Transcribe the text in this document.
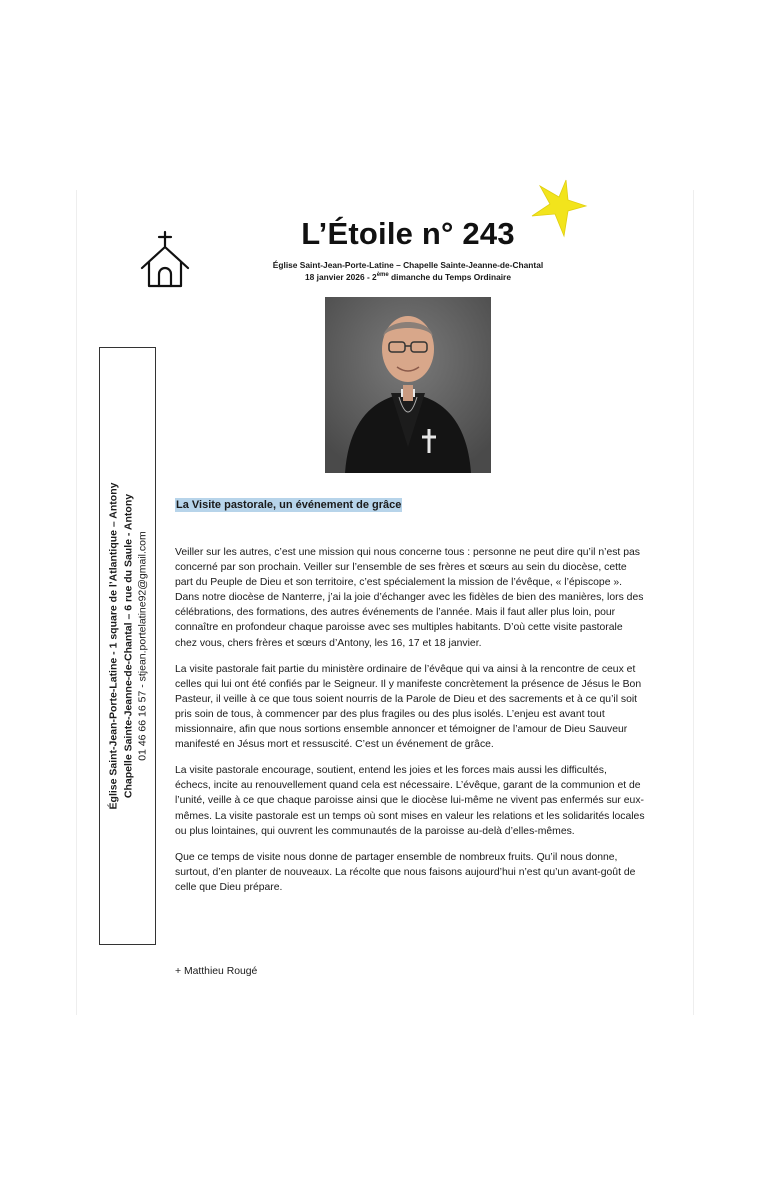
L’Étoile n° 243
Église Saint-Jean-Porte-Latine – Chapelle Sainte-Jeanne-de-Chantal
18 janvier 2026 - 2ème dimanche du Temps Ordinaire
Église Saint-Jean-Porte-Latine - 1 square de l’Atlantique – Antony Chapelle Sainte-Jeanne-de-Chantal – 6 rue du Saule - Antony 01 46 66 16 57 - stjean.portelatine92@gmail.com
La Visite pastorale, un événement de grâce

Veiller sur les autres, c’est une mission qui nous concerne tous : personne ne peut dire qu’il n’est pas concerné par son prochain. Veiller sur l’ensemble de ses frères et sœurs au sein du diocèse, cette part du Peuple de Dieu et son territoire, c’est spécialement la mission de l’évêque, « l’épiscope ». Dans notre diocèse de Nanterre, j’ai la joie d’échanger avec les fidèles de bien des manières, lors des célébrations, des formations, des autres événements de l’année. Mais il faut aller plus loin, pour connaître en profondeur chaque paroisse avec ses multiples habitants. D’où cette visite pastorale chez vous, chers frères et sœurs d’Antony, les 16, 17 et 18 janvier.

La visite pastorale fait partie du ministère ordinaire de l’évêque qui va ainsi à la rencontre de ceux et celles qui lui ont été confiés par le Seigneur. Il y manifeste concrètement la présence de Jésus le Bon Pasteur, il veille à ce que tous soient nourris de la Parole de Dieu et des sacrements et à ce qu’il soit pris soin de tous, à commencer par des plus fragiles ou des plus isolés. L’enjeu est avant tout missionnaire, afin que nous sortions ensemble annoncer et témoigner de l’amour de Dieu Sauveur manifesté en Jésus mort et ressuscité. C’est un événement de grâce.

La visite pastorale encourage, soutient, entend les joies et les forces mais aussi les difficultés, échecs, incite au renouvellement quand cela est nécessaire. L’évêque, garant de la communion et de l’unité, veille à ce que chaque paroisse ainsi que le diocèse lui-même ne vivent pas enfermés sur eux-mêmes. La visite pastorale est un temps où sont mises en valeur les relations et les solidarités locales ou plus lointaines, qui ouvrent les communautés de la paroisse au-delà d’elles-mêmes.

Que ce temps de visite nous donne de partager ensemble de nombreux fruits. Qu’il nous donne, surtout, d’en planter de nouveaux. La récolte que nous faisons aujourd’hui n’est qu’un avant-goût de celle que Dieu prépare.

+ Matthieu Rougé
